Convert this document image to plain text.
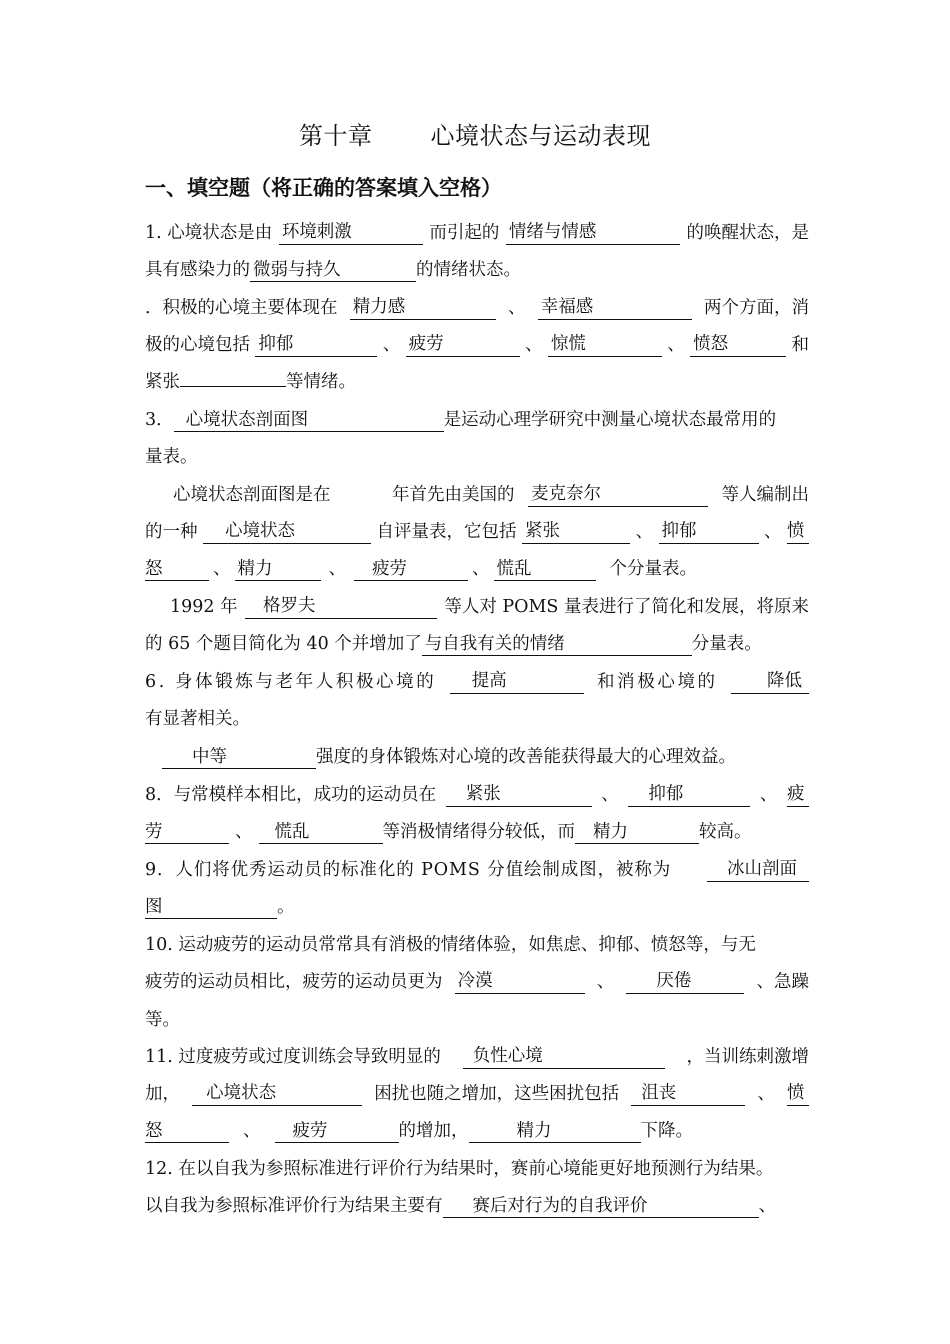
第十章 心境状态与运动表现
一、填空题（将正确的答案填入空格）
1. 心境状态是由 环境刺激	而引起的 情绪与情感	的唤醒状态，是
具有感染力的 微弱与持久	的情绪状态。
．积极的心境主要体现在 精力感	、 幸福感	两个方面，消
极的心境包括 抑郁	、 疲劳	、 惊慌	、 愤怒	和
紧张	等情绪。
3． 心境状态剖面图	是运动心理学研究中测量心境状态最常用的
量表。
心境状态剖面图是在	年首先由美国的 麦克奈尔	等人编制出
的一种	心境状态	自评量表，它包括 紧张	、 抑郁	、 愤
怒	、 精力	、 疲劳	、 慌乱	个分量表。
1992 年	格罗夫	等人对 POMS 量表进行了简化和发展，将原来
的 65 个题目简化为 40 个并增加了 与自我有关的情绪	分量表。
6. 身体锻炼与老年人积极心境的	提高	和消极心境的	降低
有显著相关。
中等	强度的身体锻炼对心境的改善能获得最大的心理效益。
8．与常模样本相比，成功的运动员在	紧张	、	抑郁	、 疲
劳	、 慌乱	等消极情绪得分较低，而 精力	较高。
9．人们将优秀运动员的标准化的 POMS 分值绘制成图，被称为	冰山剖面
图	。
10. 运动疲劳的运动员常常具有消极的情绪体验，如焦虑、抑郁、愤怒等，与无
疲劳的运动员相比，疲劳的运动员更为 冷漠	、	厌倦	、急躁
等。
11. 过度疲劳或过度训练会导致明显的	负性心境	，当训练刺激增
加，	心境状态	困扰也随之增加，这些困扰包括	沮丧	、 愤
怒	、 疲劳	的增加，	精力	下降。
12. 在以自我为参照标准进行评价行为结果时，赛前心境能更好地预测行为结果。
以自我为参照标准评价行为结果主要有 赛后对行为的自我评价	、
